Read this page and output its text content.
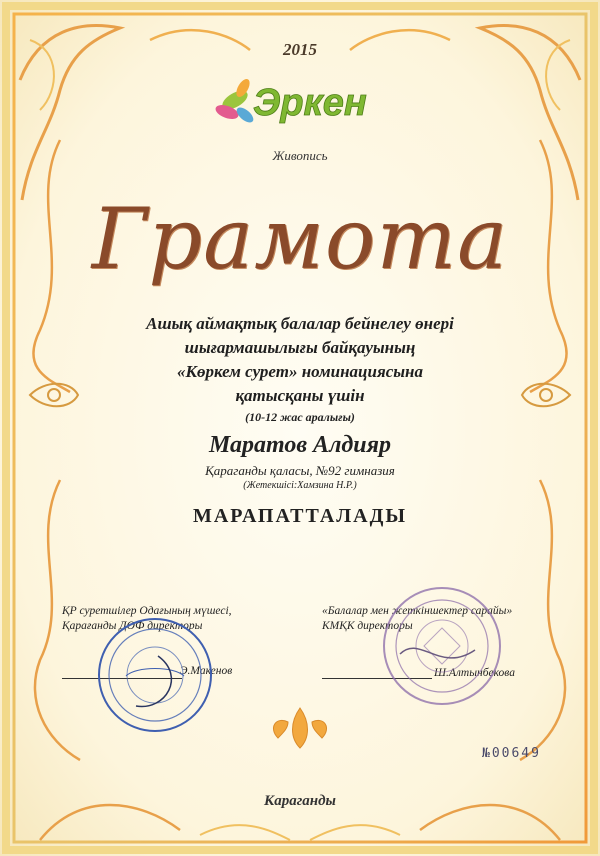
2015
Эркен
Живопись
Грамота
Ашық аймақтық балалар бейнелеу өнері
шығармашылығы байқауының
«Көркем сурет» номинациясына
қатысқаны үшін
(10-12 жас аралығы)
Маратов Алдияр
Қараганды қаласы, №92 гимназия
(Жетекшісі:Хамзина Н.Р.)
МАРАПАТТАЛАДЫ
ҚР суретшілер Одағының мүшесі,
Қарағанды ДОФ директоры
Э.Макенов
«Балалар мен жеткіншектер сарайы»
КМҚК директоры
Ш.Алтынбекова
№00649
Караганды
